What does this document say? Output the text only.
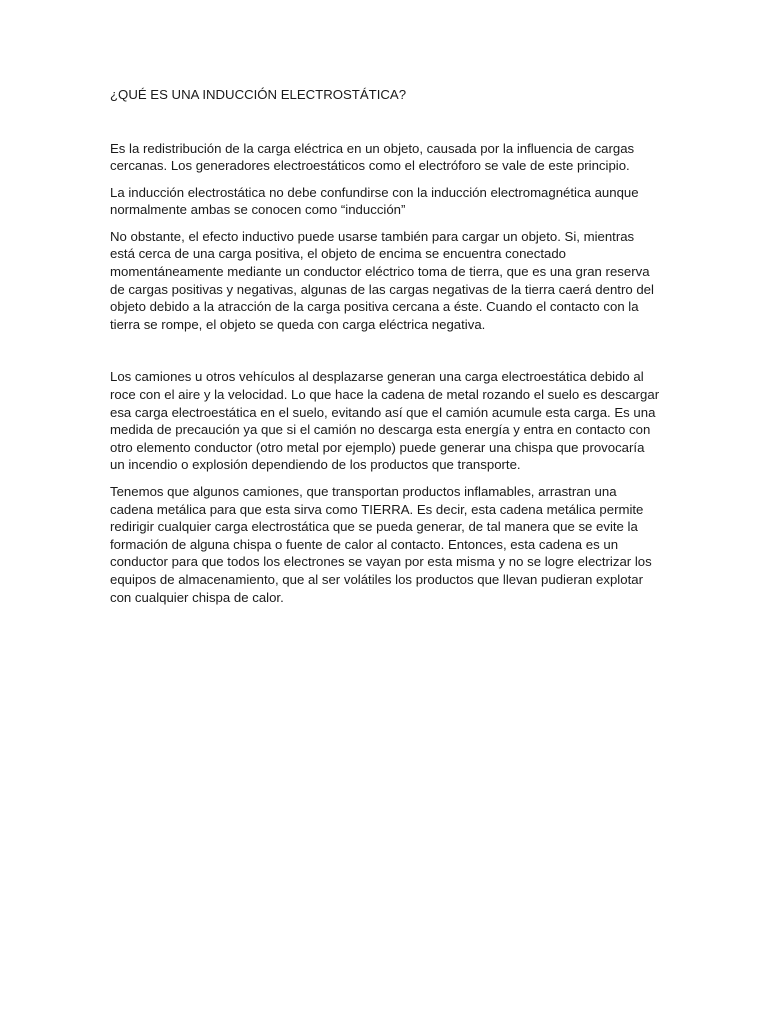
¿QUÉ ES UNA INDUCCIÓN ELECTROSTÁTICA?

Es la redistribución de la carga eléctrica en un objeto, causada por la influencia de cargas cercanas. Los generadores electroestáticos como el electróforo se vale de este principio.

La inducción electrostática no debe confundirse con la inducción electromagnética aunque normalmente ambas se conocen como “inducción”

No obstante, el efecto inductivo puede usarse también para cargar un objeto. Si, mientras está cerca de una carga positiva, el objeto de encima se encuentra conectado momentáneamente mediante un conductor eléctrico toma de tierra, que es una gran reserva de cargas positivas y negativas, algunas de las cargas negativas de la tierra caerá dentro del objeto debido a la atracción de la carga positiva cercana a éste. Cuando el contacto con la tierra se rompe, el objeto se queda con carga eléctrica negativa.

Los camiones u otros vehículos al desplazarse generan una carga electroestática debido al roce con el aire y la velocidad. Lo que hace la cadena de metal rozando el suelo es descargar esa carga electroestática en el suelo, evitando así que el camión acumule esta carga. Es una medida de precaución ya que si el camión no descarga esta energía y entra en contacto con otro elemento conductor (otro metal por ejemplo) puede generar una chispa que provocaría un incendio o explosión dependiendo de los productos que transporte.

Tenemos que algunos camiones, que transportan productos inflamables, arrastran una cadena metálica para que esta sirva como TIERRA. Es decir, esta cadena metálica permite redirigir cualquier carga electrostática que se pueda generar, de tal manera que se evite la formación de alguna chispa o fuente de calor al contacto. Entonces, esta cadena es un conductor para que todos los electrones se vayan por esta misma y no se logre electrizar los equipos de almacenamiento, que al ser volátiles los productos que llevan pudieran explotar con cualquier chispa de calor.
